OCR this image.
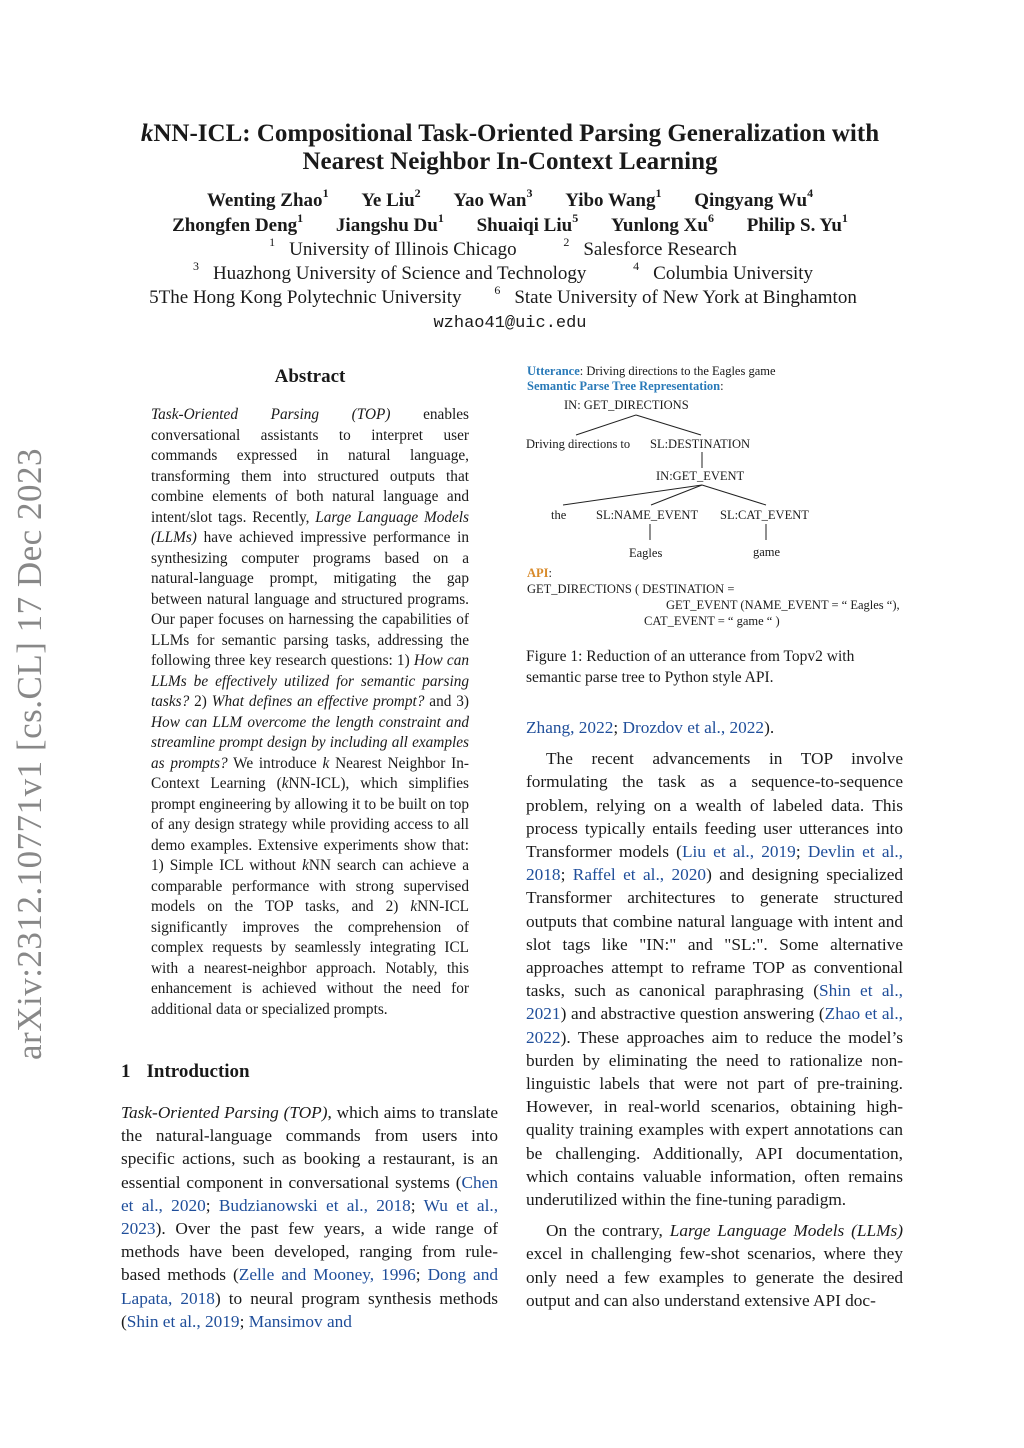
arXiv:2312.10771v1 [cs.CL] 17 Dec 2023
kNN-ICL: Compositional Task-Oriented Parsing Generalization with
Nearest Neighbor In-Context Learning
Wenting Zhao$^1$ Ye Liu$^2$ Yao Wan$^3$ Yibo Wang$^1$ Qingyang Wu$^4$
Zhongfen Deng$^1$ Jiangshu Du$^1$ Shuaiqi Liu$^5$ Yunlong Xu$^6$ Philip S. Yu$^1$
$^1$ University of Illinois Chicago	$^2$ Salesforce Research
$^3$ Huazhong University of Science and Technology	$^4$ Columbia University
5The Hong Kong Polytechnic University	$^6$ State University of New York at Binghamton
wzhao41@uic.edu
Abstract
Task-Oriented Parsing (TOP) enables conversational assistants to interpret user commands expressed in natural language, transforming them into structured outputs that combine elements of both natural language and intent/slot tags. Recently, Large Language Models (LLMs) have achieved impressive performance in synthesizing computer programs based on a natural-language prompt, mitigating the gap between natural language and structured programs. Our paper focuses on harnessing the capabilities of LLMs for semantic parsing tasks, addressing the following three key research questions: 1) How can LLMs be effectively utilized for semantic parsing tasks? 2) What defines an effective prompt? and 3) How can LLM overcome the length constraint and streamline prompt design by including all examples as prompts? We introduce k Nearest Neighbor In-Context Learning (kNN-ICL), which simplifies prompt engineering by allowing it to be built on top of any design strategy while providing access to all demo examples. Extensive experiments show that: 1) Simple ICL without kNN search can achieve a comparable performance with strong supervised models on the TOP tasks, and 2) kNN-ICL significantly improves the comprehension of complex requests by seamlessly integrating ICL with a nearest-neighbor approach. Notably, this enhancement is achieved without the need for additional data or specialized prompts.
1 Introduction
Task-Oriented Parsing (TOP), which aims to translate the natural-language commands from users into specific actions, such as booking a restaurant, is an essential component in conversational systems (Chen et al., 2020; Budzianowski et al., 2018; Wu et al., 2023). Over the past few years, a wide range of methods have been developed, ranging from rule-based methods (Zelle and Mooney, 1996; Dong and Lapata, 2018) to neural program synthesis methods (Shin et al., 2019; Mansimov and
Utterance: Driving directions to the Eagles game
Semantic Parse Tree Representation:
IN: GET_DIRECTIONS
Driving directions to SL:DESTINATION
IN:GET_EVENT
the SL:NAME_EVENT SL:CAT_EVENT
Eagles	game
API:
GET_DIRECTIONS ( DESTINATION =
GET_EVENT (NAME_EVENT = “ Eagles “),
CAT_EVENT = “ game “ )
Figure 1: Reduction of an utterance from Topv2 with semantic parse tree to Python style API.

Zhang, 2022; Drozdov et al., 2022).

The recent advancements in TOP involve formulating the task as a sequence-to-sequence problem, relying on a wealth of labeled data. This process typically entails feeding user utterances into Transformer models (Liu et al., 2019; Devlin et al., 2018; Raffel et al., 2020) and designing specialized Transformer architectures to generate structured outputs that combine natural language with intent and slot tags like "IN:" and "SL:". Some alternative approaches attempt to reframe TOP as conventional tasks, such as canonical paraphrasing (Shin et al., 2021) and abstractive question answering (Zhao et al., 2022). These approaches aim to reduce the model’s burden by eliminating the need to rationalize non-linguistic labels that were not part of pre-training. However, in real-world scenarios, obtaining high-quality training examples with expert annotations can be challenging. Additionally, API documentation, which contains valuable information, often remains underutilized within the fine-tuning paradigm.

On the contrary, Large Language Models (LLMs) excel in challenging few-shot scenarios, where they only need a few examples to generate the desired output and can also understand extensive API doc-
